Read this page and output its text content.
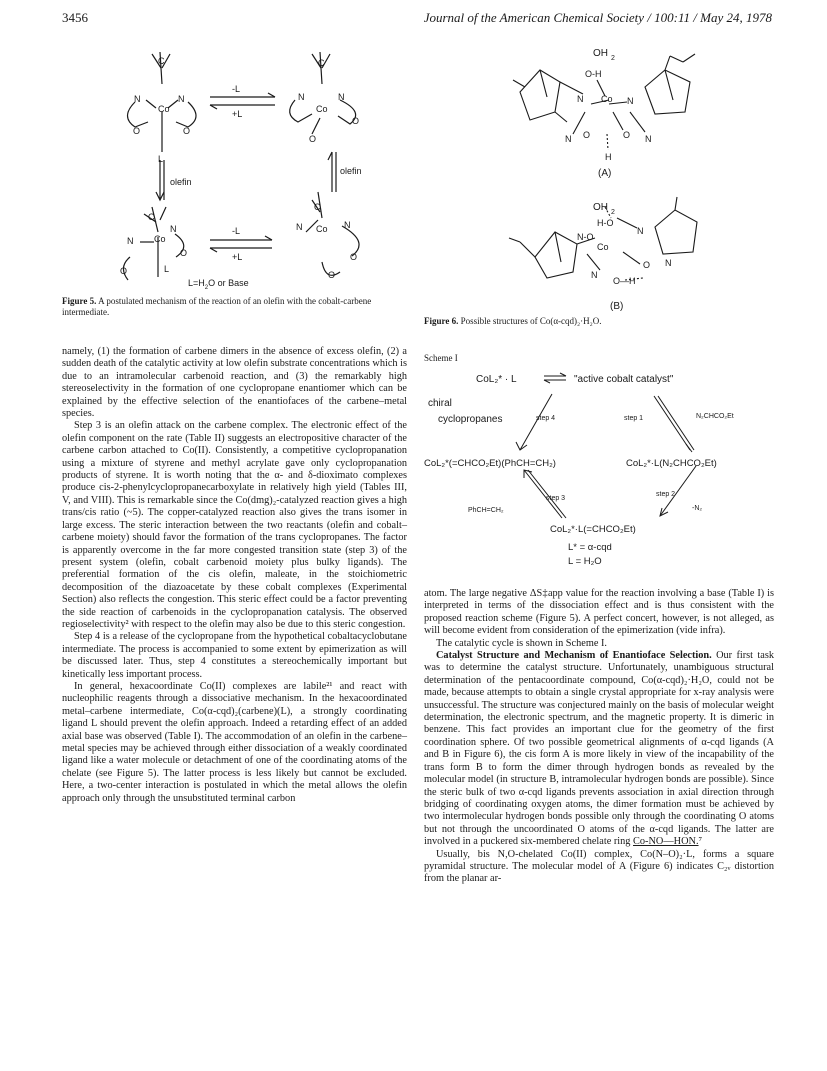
3456	Journal of the American Chemical Society / 100:11 / May 24, 1978
C
Co
N	N
O	O
L
C
Co
N	N
O
O
-L
+L
olefin
olefin
C
Co
N
N
O
O	L
C
Co
N	N
O
O
-L
+L
$L=H_2O$ or Base
Figure 5. A postulated mechanism of the reaction of an olefin with the cobalt-carbene intermediate.
OH 2
O-H
Co
N	N
N O	O N
H
(A)
OH 2
H-O
Co
N
N-O
N
O N
O—H
(B)
Figure 6. Possible structures of Co(α-cqd)₂·H₂O.
Scheme I
CoL₂* · L	"active cobalt catalyst"
chiral
cyclopropanes	step 4	step 1	N₂CHCO₂Et
CoL₂*(=CHCO₂Et)(PhCH=CH₂)	CoL₂*·L(N₂CHCO₂Et)
step 3
step 2
-N₂
PhCH=CH₂
CoL₂*·L(=CHCO₂Et)
L* = α-cqd
L = H₂O

namely, (1) the formation of carbene dimers in the absence of excess olefin, (2) a sudden death of the catalytic activity at low olefin substrate concentrations which is due to an intramolecular carbenoid reaction, and (3) the remarkably high stereoselectivity in the formation of one cyclopropane enantiomer which can be explained by the effective selection of the enantiofaces of the carbene–metal species.

Step 3 is an olefin attack on the carbene complex. The electronic effect of the olefin component on the rate (Table II) suggests an electropositive character of the carbene carbon attached to Co(II). Consistently, a competitive cyclopropanation using a mixture of styrene and methyl acrylate gave only cyclopropanation products of styrene. It is worth noting that the α- and δ-dioximato complexes produce cis-2-phenylcyclopropanecarboxylate in relatively high yield (Tables III, V, and VIII). This is remarkable since the Co(dmg)₂-catalyzed reaction gives a high trans/cis ratio (~5). The copper-catalyzed reaction also gives the trans isomer in large excess. The steric interaction between the two reactants (olefin and cobalt–carbene moiety) should favor the formation of the trans cyclopropanes. The factor is apparently overcome in the far more congested transition state (step 3) of the present system (olefin, cobalt carbenoid moiety plus bulky ligands). The preferential formation of the cis olefin, maleate, in the stoichiometric decomposition of the diazoacetate by these cobalt complexes (Experimental Section) also reflects the congestion. This steric effect could be a factor preventing the side reaction of carbenoids in the cyclopropanation catalysis. The observed regioselectivity² with respect to the olefin may also be due to this steric congestion.

Step 4 is a release of the cyclopropane from the hypothetical cobaltacyclobutane intermediate. The process is accompanied to some extent by epimerization as will be discussed later. Thus, step 4 constitutes a stereochemically important but kinetically less important process.

In general, hexacoordinate Co(II) complexes are labile²¹ and react with nucleophilic reagents through a dissociative mechanism. In the hexacoordinated metal–carbene intermediate, Co(α-cqd)₂(carbene)(L), a strongly coordinating ligand L should prevent the olefin approach. Indeed a retarding effect of an added axial base was observed (Table I). The accommodation of an olefin in the carbene–metal species may be achieved through either dissociation of a weakly coordinated ligand like a water molecule or detachment of one of the coordinating atoms of the chelate (see Figure 5). The latter process is less likely but cannot be excluded. Here, a two-center interaction is postulated in which the metal allows the olefin approach only through the unsubstituted terminal carbon

atom. The large negative ΔS‡app value for the reaction involving a base (Table I) is interpreted in terms of the dissociation effect and is thus consistent with the proposed reaction scheme (Figure 5). A perfect concert, however, is not alleged, as will become evident from consideration of the epimerization (vide infra).

The catalytic cycle is shown in Scheme I.

Catalyst Structure and Mechanism of Enantioface Selection. Our first task was to determine the catalyst structure. Unfortunately, unambiguous structural determination of the pentacoordinate compound, Co(α-cqd)₂·H₂O, could not be made, because attempts to obtain a single crystal appropriate for x-ray analysis were unsuccessful. The structure was conjectured mainly on the basis of molecular weight determination, the electronic spectrum, and the magnetic property. It is dimeric in benzene. This fact provides an important clue for the geometry of the first coordination sphere. Of two possible geometrical alignments of α-cqd ligands (A and B in Figure 6), the cis form A is more likely in view of the incapability of the trans form B to form the dimer through hydrogen bonds as revealed by the molecular model (in structure B, intramolecular hydrogen bonds are possible). Since the steric bulk of two α-cqd ligands prevents association in axial direction through bridging of coordinating oxygen atoms, the dimer formation must be achieved by two intermolecular hydrogen bonds possible only through the coordinating O atoms but not through the uncoordinated O atoms of the α-cqd ligands. The latter are involved in a puckered six-membered chelate ring Co-NO—HON.⁷

Usually, bis N,O-chelated Co(II) complex, Co(N–O)₂·L, forms a square pyramidal structure. The molecular model of A (Figure 6) indicates C₂ᵥ distortion from the planar ar-
